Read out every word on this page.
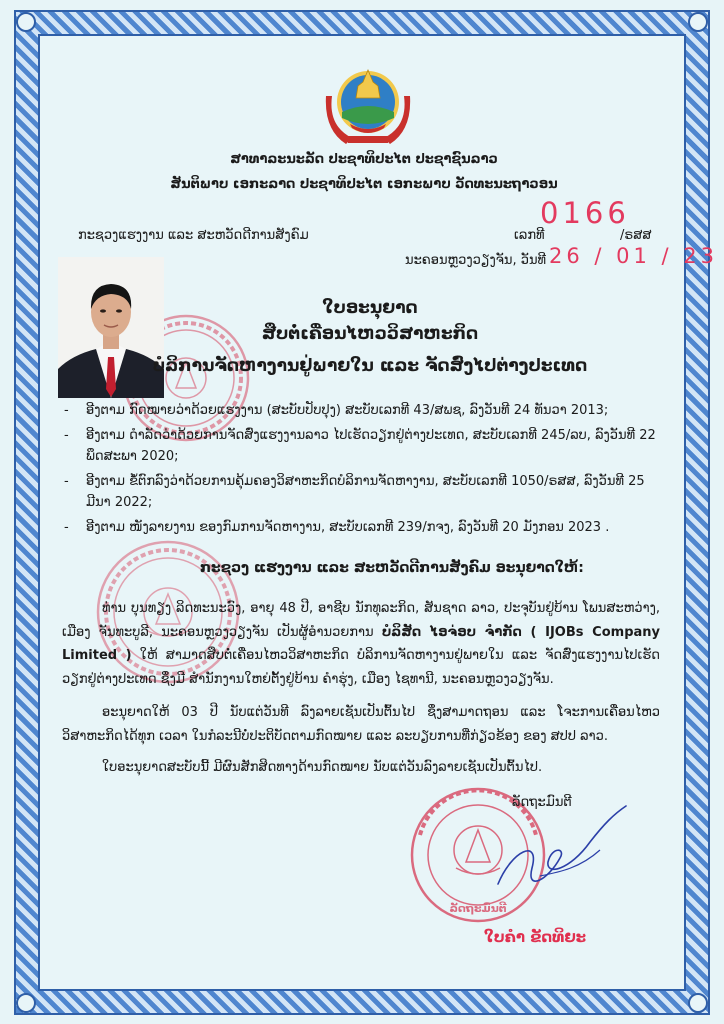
ລັດຖະມົນຕີ
ສາທາລະນະລັດ ປະຊາທິປະໄຕ ປະຊາຊົນລາວ
ສັນຕິພາບ ເອກະລາດ ປະຊາທິປະໄຕ ເອກະພາບ ວັດທະນະຖາວອນ
ກະຊວງແຮງງານ ແລະ ສະຫວັດດີການສັງຄົມ	ເລກທີ
0166
/ຣສສ
ນະຄອນຫຼວງວຽງຈັນ, ວັນທີ 26 / 01 / 23
ໃບອະນຸຍາດ
ສືບຕໍ່ເຄື່ອນໄຫວວິສາຫະກິດ
ບໍລິການຈັດຫາງານຢູ່ພາຍໃນ ແລະ ຈັດສົ່ງໄປຕ່າງປະເທດ
- ອີງຕາມ ກົດໝາຍວ່າດ້ວຍແຮງງານ (ສະບັບປັບປຸງ) ສະບັບເລກທີ 43/ສພຊ, ລົງວັນທີ 24 ທັນວາ 2013;
- ອີງຕາມ ດຳລັດວ່າດ້ວຍການຈັດສົ່ງແຮງງານລາວ ໄປເຮັດວຽກຢູ່ຕ່າງປະເທດ, ສະບັບເລກທີ 245/ລບ, ລົງວັນທີ 22 ພຶດສະພາ 2020;
- ອີງຕາມ ຂໍ້ຕົກລົງວ່າດ້ວຍການຄຸ້ມຄອງວິສາຫະກິດບໍລິການຈັດຫາງານ, ສະບັບເລກທີ 1050/ຣສສ, ລົງວັນທີ 25 ມີນາ 2022;
- ອີງຕາມ ໜັງລາຍງານ ຂອງກົມການຈັດຫາງານ, ສະບັບເລກທີ 239/ກຈງ, ລົງວັນທີ 20 ມັງກອນ 2023 .
ກະຊວງ ແຮງງານ ແລະ ສະຫວັດດີການສັງຄົມ ອະນຸຍາດໃຫ້:

ທ່ານ ບຸນທຽງ ລິດທະນະວົງ, ອາຍຸ 48 ປີ, ອາຊີບ ນັກທຸລະກິດ, ສັນຊາດ ລາວ, ປະຈຸບັນຢູ່ບ້ານ ໂພນສະຫວ່າງ, ເມືອງ ຈັນທະບູລີ, ນະຄອນຫຼວງວຽງຈັນ ເປັນຜູ້ອຳນວຍການ ບໍລິສັດ ໄອຈ່ອບ ຈຳກັດ ( IJOBs Company Limited ) ໃຫ້ ສາມາດສືບຕໍ່ເຄື່ອນໄຫວວິສາຫະກິດ ບໍລິການຈັດຫາງານຢູ່ພາຍໃນ ແລະ ຈັດສົ່ງແຮງງານໄປເຮັດວຽກຢູ່ຕ່າງປະເທດ ຊຶ່ງມີ ສຳນັກງານໃຫຍ່ຕັ້ງຢູ່ບ້ານ ຄຳຮຸ່ງ, ເມືອງ ໄຊທານີ, ນະຄອນຫຼວງວຽງຈັນ.

ອະນຸຍາດໃຫ້ 03 ປີ ນັບແຕ່ວັນທີ ລົງລາຍເຊັນເປັນຕົ້ນໄປ ຊຶ່ງສາມາດຖອນ ແລະ ໂຈະການເຄື່ອນໄຫວວິສາຫະກິດໄດ້ທຸກ ເວລາ ໃນກໍລະນີບໍ່ປະຕິບັດຕາມກົດໝາຍ ແລະ ລະບຽບການທີ່ກ່ຽວຂ້ອງ ຂອງ ສປປ ລາວ.

ໃບອະນຸຍາດສະບັບນີ້ ມີຜົນສັກສິດທາງດ້ານກົດໝາຍ ນັບແຕ່ວັນລົງລາຍເຊັນເປັນຕົ້ນໄປ.

ລັດຖະມົນຕີ
ໃບຄຳ ຂັດທິຍະ
